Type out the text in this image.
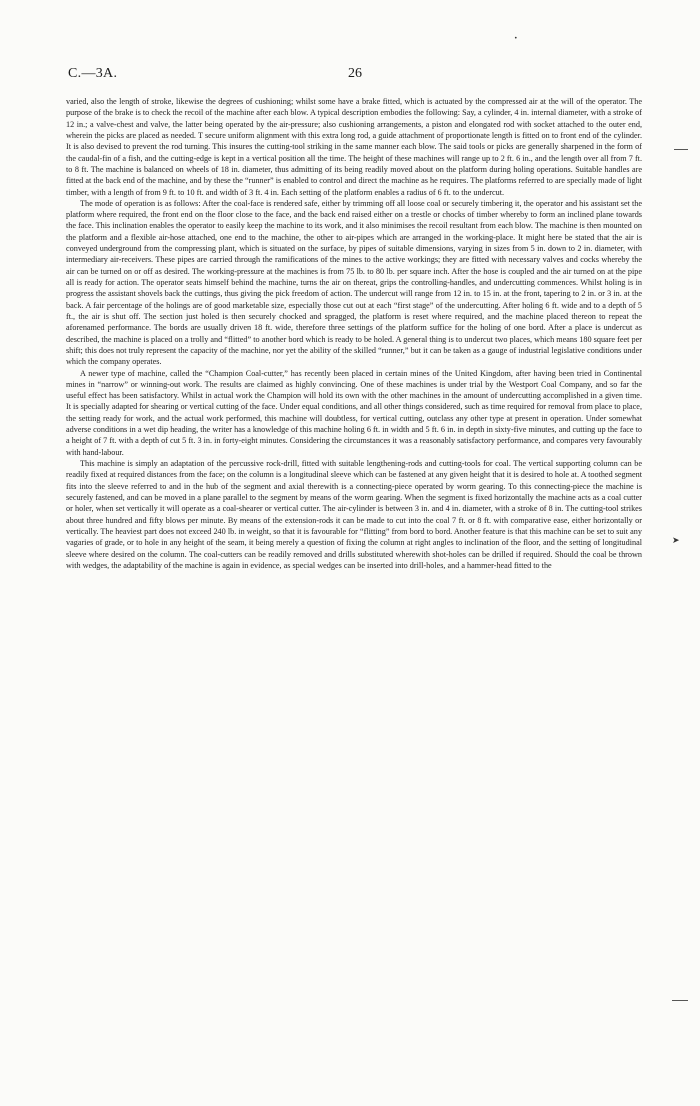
•
C.—3A.	26

varied, also the length of stroke, likewise the degrees of cushioning; whilst some have a brake fitted, which is actuated by the compressed air at the will of the operator. The purpose of the brake is to check the recoil of the machine after each blow. A typical description embodies the following: Say, a cylinder, 4 in. internal diameter, with a stroke of 12 in.; a valve-chest and valve, the latter being operated by the air-pressure; also cushioning arrangements, a piston and elongated rod with socket attached to the outer end, wherein the picks are placed as needed. T secure uniform alignment with this extra long rod, a guide attachment of proportionate length is fitted on to front end of the cylinder. It is also devised to prevent the rod turning. This insures the cutting-tool striking in the same manner each blow. The said tools or picks are generally sharpened in the form of the caudal-fin of a fish, and the cutting-edge is kept in a vertical position all the time. The height of these machines will range up to 2 ft. 6 in., and the length over all from 7 ft. to 8 ft. The machine is balanced on wheels of 18 in. diameter, thus admitting of its being readily moved about on the platform during holing operations. Suitable handles are fitted at the back end of the machine, and by these the “runner” is enabled to control and direct the machine as he requires. The platforms referred to are specially made of light timber, with a length of from 9 ft. to 10 ft. and width of 3 ft. 4 in. Each setting of the platform enables a radius of 6 ft. to the undercut.

The mode of operation is as follows: After the coal-face is rendered safe, either by trimming off all loose coal or securely timbering it, the operator and his assistant set the platform where required, the front end on the floor close to the face, and the back end raised either on a trestle or chocks of timber whereby to form an inclined plane towards the face. This inclination enables the operator to easily keep the machine to its work, and it also minimises the recoil resultant from each blow. The machine is then mounted on the platform and a flexible air-hose attached, one end to the machine, the other to air-pipes which are arranged in the working-place. It might here be stated that the air is conveyed underground from the compressing plant, which is situated on the surface, by pipes of suitable dimensions, varying in sizes from 5 in. down to 2 in. diameter, with intermediary air-receivers. These pipes are carried through the ramifications of the mines to the active workings; they are fitted with necessary valves and cocks whereby the air can be turned on or off as desired. The working-pressure at the machines is from 75 lb. to 80 lb. per square inch. After the hose is coupled and the air turned on at the pipe all is ready for action. The operator seats himself behind the machine, turns the air on thereat, grips the controlling-handles, and undercutting commences. Whilst holing is in progress the assistant shovels back the cuttings, thus giving the pick freedom of action. The undercut will range from 12 in. to 15 in. at the front, tapering to 2 in. or 3 in. at the back. A fair percentage of the holings are of good marketable size, especially those cut out at each “first stage” of the undercutting. After holing 6 ft. wide and to a depth of 5 ft., the air is shut off. The section just holed is then securely chocked and spragged, the platform is reset where required, and the machine placed thereon to repeat the aforenamed performance. The bords are usually driven 18 ft. wide, therefore three settings of the platform suffice for the holing of one bord. After a place is undercut as described, the machine is placed on a trolly and “flitted” to another bord which is ready to be holed. A general thing is to undercut two places, which means 180 square feet per shift; this does not truly represent the capacity of the machine, nor yet the ability of the skilled “runner,” but it can be taken as a gauge of industrial legislative conditions under which the company operates.

A newer type of machine, called the “Champion Coal-cutter,” has recently been placed in certain mines of the United Kingdom, after having been tried in Continental mines in “narrow” or winning-out work. The results are claimed as highly convincing. One of these machines is under trial by the Westport Coal Company, and so far the useful effect has been satisfactory. Whilst in actual work the Champion will hold its own with the other machines in the amount of undercutting accomplished in a given time. It is specially adapted for shearing or vertical cutting of the face. Under equal conditions, and all other things considered, such as time required for removal from place to place, the setting ready for work, and the actual work performed, this machine will doubtless, for vertical cutting, outclass any other type at present in operation. Under somewhat adverse conditions in a wet dip heading, the writer has a knowledge of this machine holing 6 ft. in width and 5 ft. 6 in. in depth in sixty-five minutes, and cutting up the face to a height of 7 ft. with a depth of cut 5 ft. 3 in. in forty-eight minutes. Considering the circumstances it was a reasonably satisfactory performance, and compares very favourably with hand-labour.

This machine is simply an adaptation of the percussive rock-drill, fitted with suitable lengthening-rods and cutting-tools for coal. The vertical supporting column can be readily fixed at required distances from the face; on the column is a longitudinal sleeve which can be fastened at any given height that it is desired to hole at. A toothed segment fits into the sleeve referred to and in the hub of the segment and axial therewith is a connecting-piece operated by worm gearing. To this connecting-piece the machine is securely fastened, and can be moved in a plane parallel to the segment by means of the worm gearing. When the segment is fixed horizontally the machine acts as a coal cutter or holer, when set vertically it will operate as a coal-shearer or vertical cutter. The air-cylinder is between 3 in. and 4 in. diameter, with a stroke of 8 in. The cutting-tool strikes about three hundred and fifty blows per minute. By means of the extension-rods it can be made to cut into the coal 7 ft. or 8 ft. with comparative ease, either horizontally or vertically. The heaviest part does not exceed 240 lb. in weight, so that it is favourable for “flitting” from bord to bord. Another feature is that this machine can be set to suit any vagaries of grade, or to hole in any height of the seam, it being merely a question of fixing the column at right angles to inclination of the floor, and the setting of longitudinal sleeve where desired on the column. The coal-cutters can be readily removed and drills substituted wherewith shot-holes can be drilled if required. Should the coal be thrown with wedges, the adaptability of the machine is again in evidence, as special wedges can be inserted into drill-holes, and a hammer-head fitted to the

➤
